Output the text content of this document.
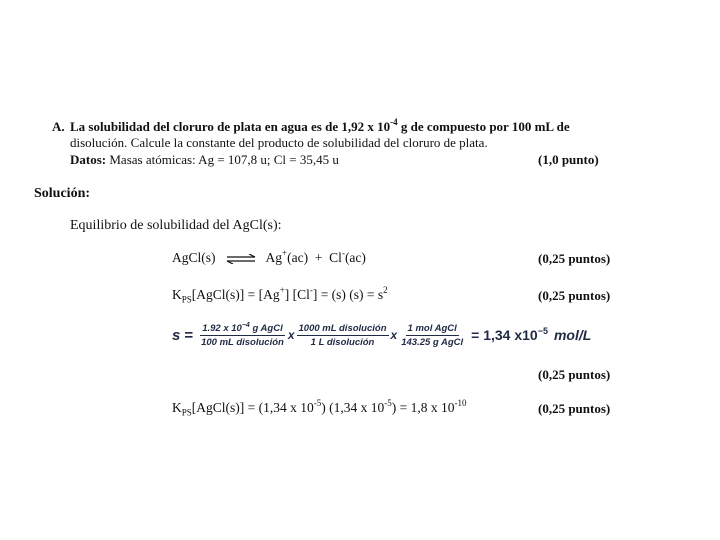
A. La solubilidad del cloruro de plata en agua es de 1,92 x $10^{-4}$ g de compuesto por 100 mL de
disolución. Calcule la constante del producto de solubilidad del cloruro de plata.
Datos: Masas atómicas: Ag = 107,8 u; Cl = 35,45 u	(1,0 punto)
Solución:
Equilibrio de solubilidad del AgCl(s):
AgCl(s) ⇌ Ag+(ac)  +  Cl-(ac)	(0,25 puntos)
$K_{PS}[AgCl(s)] = [Ag^+] [Cl^-] = (s) (s) = s^2$	(0,25 puntos)
$s = \frac{1.92 x 10^{-4} g AgCl}{\text{100 mL disolución}}$ x $\frac{\text{1000 mL disolución}}{\text{1 L disolución}}$ x $\frac{\text{1 mol AgCl}}{\text{143.25 g AgCl}} = 1,34$ $x10^{-5}$ mol/L
(0,25 puntos)
$K_{PS}[AgCl(s)] = (1,34$ x $10^{-5}$) (1,34 x $10^{-5}) = 1,8$ x $10^{-10}$	(0,25 puntos)
